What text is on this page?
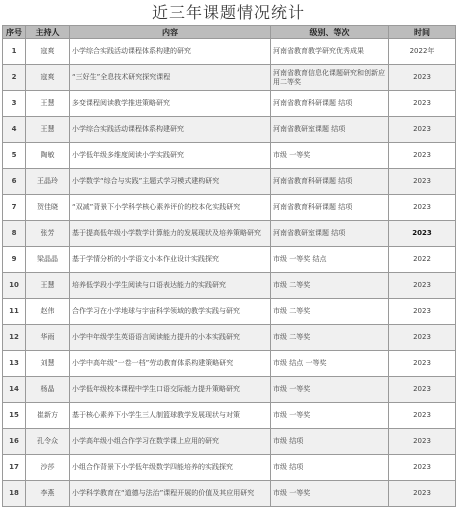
近三年课题情况统计
序号	主持人	内容	级别、等次	时间
1	寇爽	小学综合实践活动课程体系构建的研究	河南省教育教学研究优秀成果	2022年
2	寇爽	“三好生”全息技术研究探究课程	河南省教育信息化课题研究和创新应用二等奖	2023
3	王慧	多变课程阅读教学推进策略研究	河南省教育科研课题 结项	2023
4	王慧	小学综合实践活动课程体系构建研究	河南省教研室课题 结项	2023
5	陶敏	小学低年级多维度阅读小学实践研究	市级 一等奖	2023
6	王晶玲	小学数学“综合与实践”主题式学习模式建构研究	河南省教育科研课题 结项	2023
7	贺佳晓	“双减”背景下小学科学核心素养评价的校本化实践研究	河南省教育科研课题 结项	2023
8	张芳	基于提高低年级小学数学计算能力的发展现状及培养策略研究	河南省教研室课题 结项	2023
9	梁晶晶	基于学情分析的小学语文小本作业设计实践探究	市级 一等奖 结点	2022
10	王慧	培养低学段小学生阅读与口语表达能力的实践研究	市级 二等奖	2023
11	赵伟	合作学习在小学地球与宇宙科学领域的教学实践与研究	市级 二等奖	2023
12	华雨	小学中年级学生英语语言阅读能力提升的小本实践研究	市级 二等奖	2023
13	刘慧	小学中高年级“一卷一档”劳动教育体系构建策略研究	市级 结点 一等奖	2023
14	杨晶	小学低年级校本课程中学生口语交际能力提升策略研究	市级 一等奖	2023
15	崔新方	基于核心素养下小学生三人制篮球教学发展现状与对策	市级 一等奖	2023
16	孔令众	小学高年级小组合作学习在数学课上应用的研究	市级 结项	2023
17	沙莎	小组合作背景下小学低年级数学四能培养的实践探究	市级 结项	2023
18	李燕	小学科学教育在“道德与法治”课程开展的价值及其应用研究	市级 一等奖	2023
